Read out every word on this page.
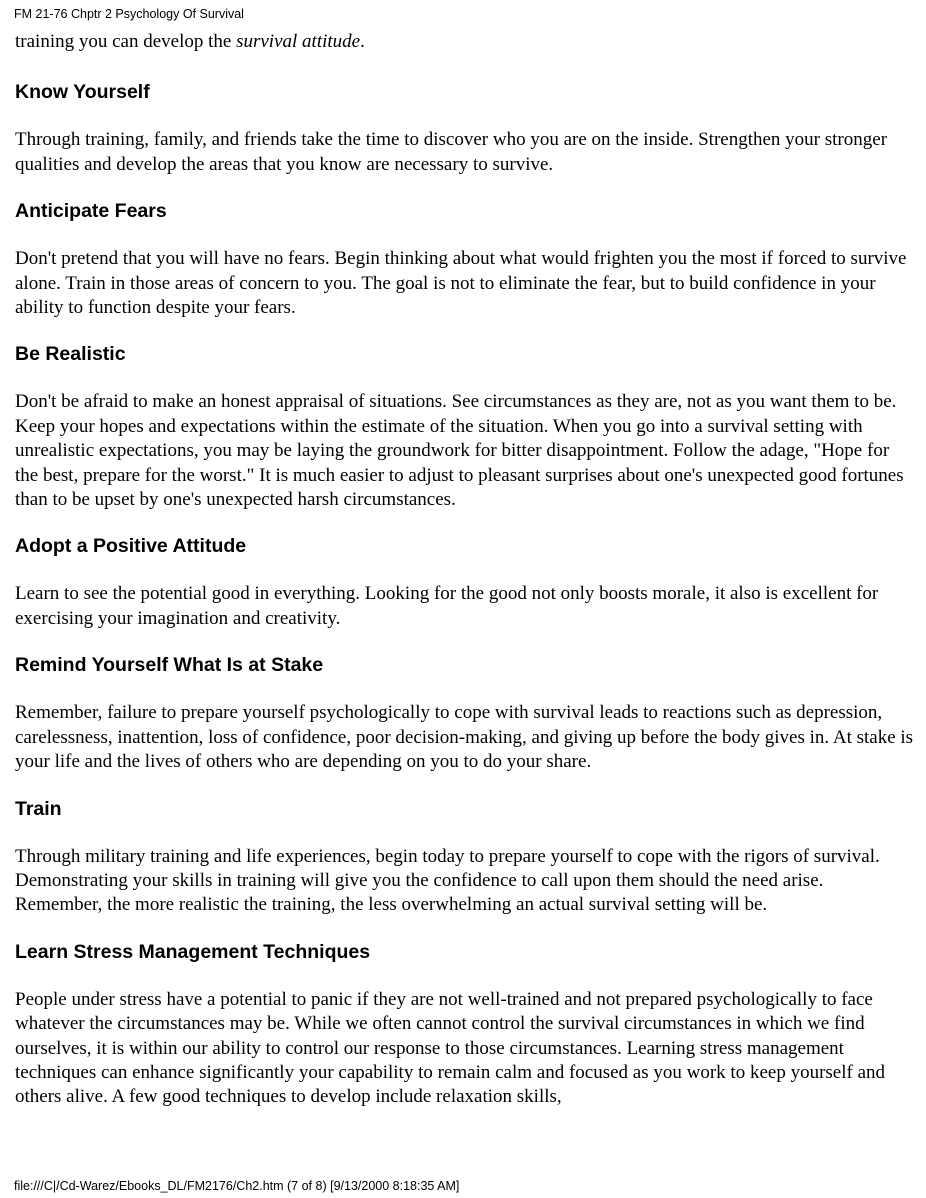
FM 21-76 Chptr 2 Psychology Of Survival

training you can develop the survival attitude.

Know Yourself

Through training, family, and friends take the time to discover who you are on the inside. Strengthen your stronger qualities and develop the areas that you know are necessary to survive.

Anticipate Fears

Don't pretend that you will have no fears. Begin thinking about what would frighten you the most if forced to survive alone. Train in those areas of concern to you. The goal is not to eliminate the fear, but to build confidence in your ability to function despite your fears.

Be Realistic

Don't be afraid to make an honest appraisal of situations. See circumstances as they are, not as you want them to be. Keep your hopes and expectations within the estimate of the situation. When you go into a survival setting with unrealistic expectations, you may be laying the groundwork for bitter disappointment. Follow the adage, "Hope for the best, prepare for the worst." It is much easier to adjust to pleasant surprises about one's unexpected good fortunes than to be upset by one's unexpected harsh circumstances.

Adopt a Positive Attitude

Learn to see the potential good in everything. Looking for the good not only boosts morale, it also is excellent for exercising your imagination and creativity.

Remind Yourself What Is at Stake

Remember, failure to prepare yourself psychologically to cope with survival leads to reactions such as depression, carelessness, inattention, loss of confidence, poor decision-making, and giving up before the body gives in. At stake is your life and the lives of others who are depending on you to do your share.

Train

Through military training and life experiences, begin today to prepare yourself to cope with the rigors of survival. Demonstrating your skills in training will give you the confidence to call upon them should the need arise. Remember, the more realistic the training, the less overwhelming an actual survival setting will be.

Learn Stress Management Techniques

People under stress have a potential to panic if they are not well-trained and not prepared psychologically to face whatever the circumstances may be. While we often cannot control the survival circumstances in which we find ourselves, it is within our ability to control our response to those circumstances. Learning stress management techniques can enhance significantly your capability to remain calm and focused as you work to keep yourself and others alive. A few good techniques to develop include relaxation skills,

file:///C|/Cd-Warez/Ebooks_DL/FM2176/Ch2.htm (7 of 8) [9/13/2000 8:18:35 AM]
